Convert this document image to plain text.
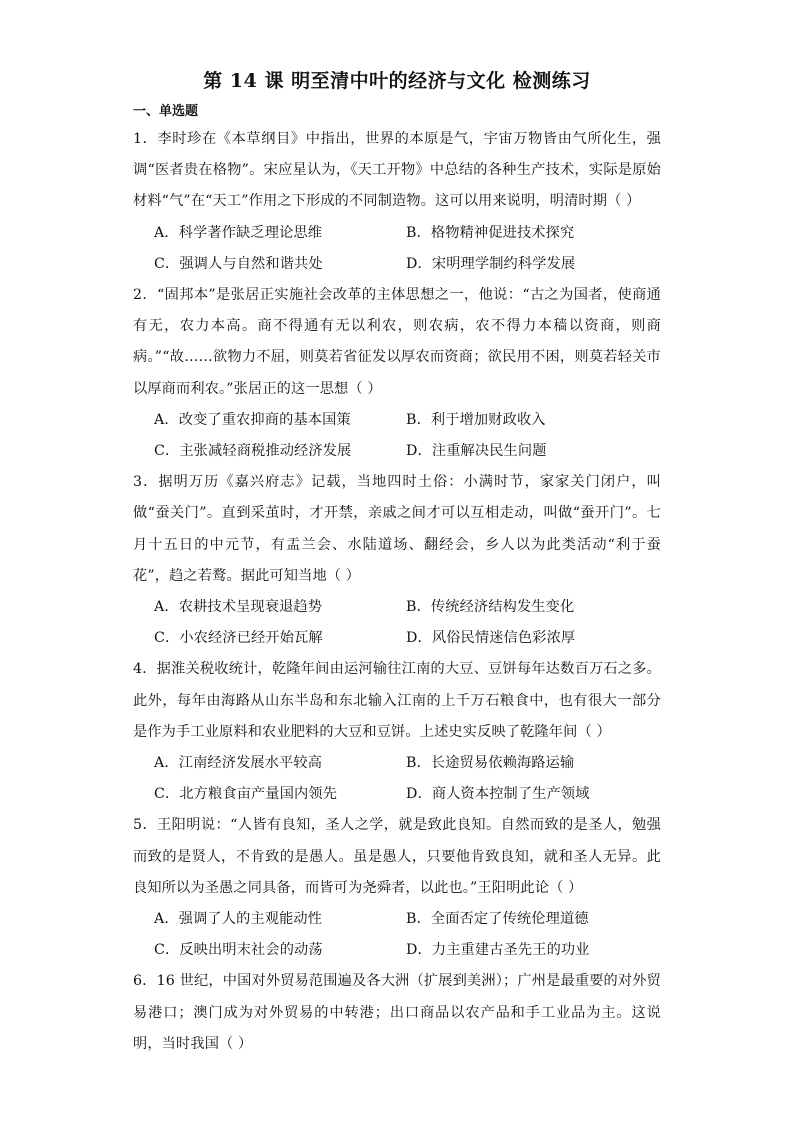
第 14 课 明至清中叶的经济与文化 检测练习
一、单选题

1．李时珍在《本草纲目》中指出，世界的本原是气，宇宙万物皆由气所化生，强调“医者贵在格物”。宋应星认为，《天工开物》中总结的各种生产技术，实际是原始材料“气”在“天工”作用之下形成的不同制造物。这可以用来说明，明清时期（ ）

A．科学著作缺乏理论思维	B．格物精神促进技术探究
C．强调人与自然和谐共处	D．宋明理学制约科学发展

2．“固邦本”是张居正实施社会改革的主体思想之一，他说：“古之为国者，使商通有无，农力本高。商不得通有无以利农，则农病，农不得力本穑以资商，则商病。”“故……欲物力不屈，则莫若省征发以厚农而资商；欲民用不困，则莫若轻关市以厚商而利农。”张居正的这一思想（ ）

A．改变了重农抑商的基本国策	B．利于增加财政收入
C．主张减轻商税推动经济发展	D．注重解决民生问题

3．据明万历《嘉兴府志》记载，当地四时土俗：小满时节，家家关门闭户，叫做“蚕关门”。直到采茧时，才开禁，亲戚之间才可以互相走动，叫做“蚕开门”。七月十五日的中元节，有盂兰会、水陆道场、翻经会，乡人以为此类活动“利于蚕花”，趋之若鹜。据此可知当地（ ）

A．农耕技术呈现衰退趋势	B．传统经济结构发生变化
C．小农经济已经开始瓦解	D．风俗民情迷信色彩浓厚

4．据淮关税收统计，乾隆年间由运河输往江南的大豆、豆饼每年达数百万石之多。此外，每年由海路从山东半岛和东北输入江南的上千万石粮食中，也有很大一部分是作为手工业原料和农业肥料的大豆和豆饼。上述史实反映了乾隆年间（ ）

A．江南经济发展水平较高	B．长途贸易依赖海路运输
C．北方粮食亩产量国内领先	D．商人资本控制了生产领域

5．王阳明说：“人皆有良知，圣人之学，就是致此良知。自然而致的是圣人，勉强而致的是贤人，不肯致的是愚人。虽是愚人，只要他肯致良知，就和圣人无异。此良知所以为圣愚之同具备，而皆可为尧舜者，以此也。”王阳明此论（ ）

A．强调了人的主观能动性	B．全面否定了传统伦理道德
C．反映出明末社会的动荡	D．力主重建古圣先王的功业

6．16 世纪，中国对外贸易范围遍及各大洲（扩展到美洲）；广州是最重要的对外贸易港口；澳门成为对外贸易的中转港；出口商品以农产品和手工业品为主。这说明，当时我国（ ）
